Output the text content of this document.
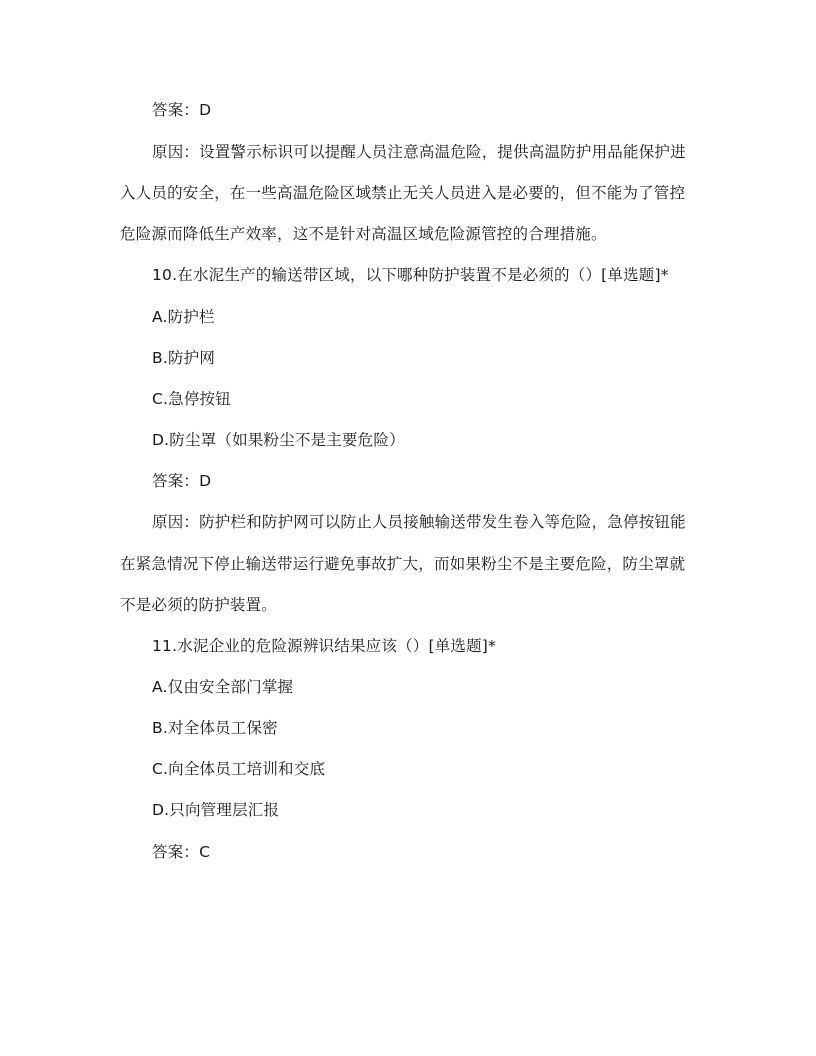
答案：D
原因：设置警示标识可以提醒人员注意高温危险，提供高温防护用品能保护进
入人员的安全，在一些高温危险区域禁止无关人员进入是必要的，但不能为了管控
危险源而降低生产效率，这不是针对高温区域危险源管控的合理措施。
10.在水泥生产的输送带区域，以下哪种防护装置不是必须的（）[单选题]*
A.防护栏
B.防护网
C.急停按钮
D.防尘罩（如果粉尘不是主要危险）
答案：D
原因：防护栏和防护网可以防止人员接触输送带发生卷入等危险，急停按钮能
在紧急情况下停止输送带运行避免事故扩大，而如果粉尘不是主要危险，防尘罩就
不是必须的防护装置。
11.水泥企业的危险源辨识结果应该（）[单选题]*
A.仅由安全部门掌握
B.对全体员工保密
C.向全体员工培训和交底
D.只向管理层汇报
答案：C
